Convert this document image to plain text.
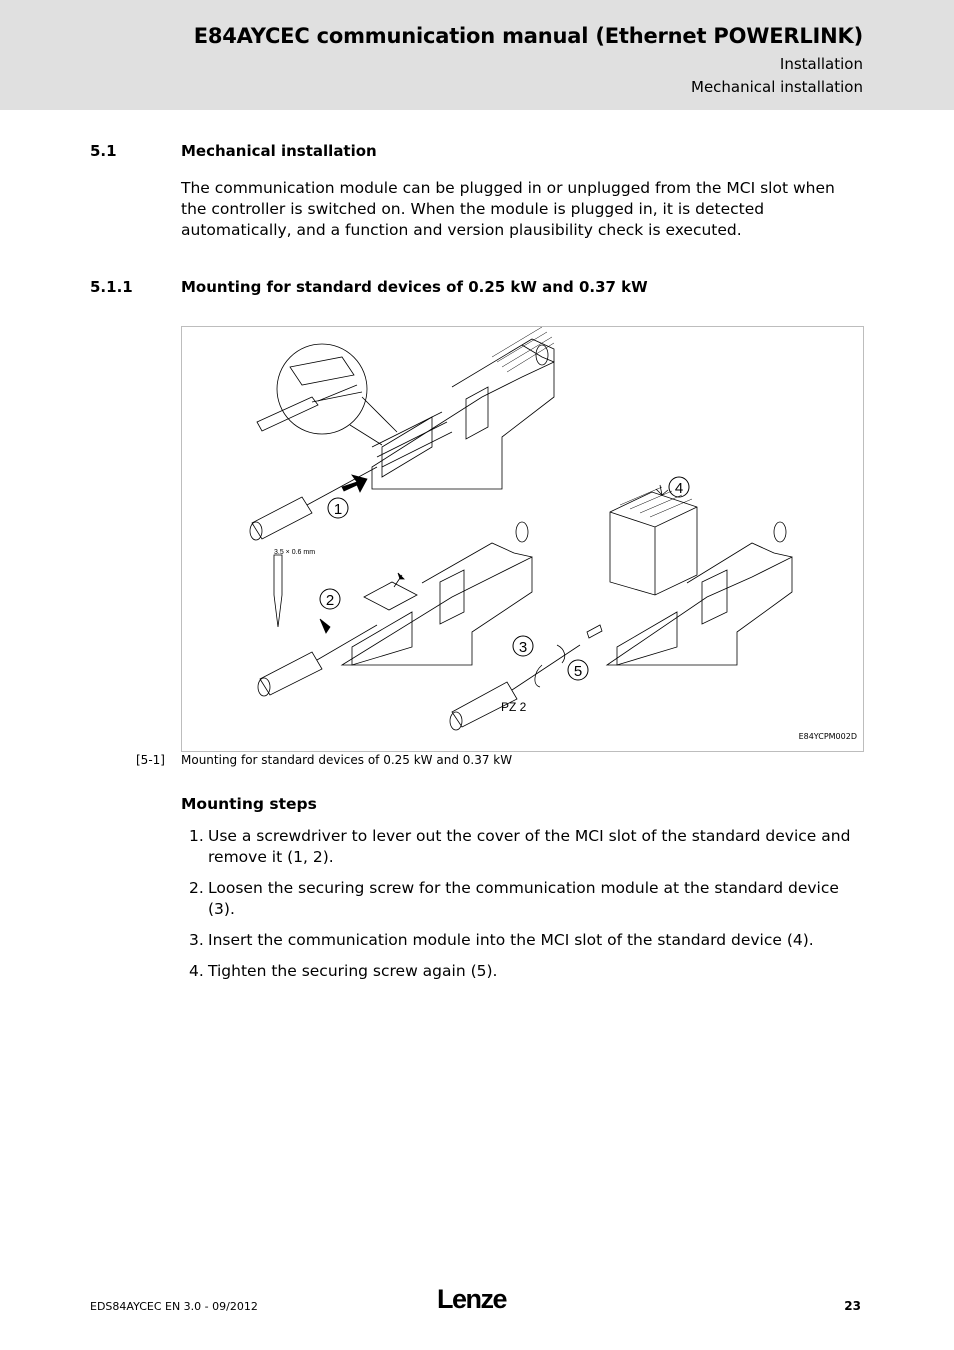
E84AYCEC communication manual (Ethernet POWERLINK)
Installation
Mechanical installation
5.1	Mechanical installation
The communication module can be plugged in or unplugged from the MCI slot when the controller is switched on. When the module is plugged in, it is detected automatically, and a function and version plausibility check is executed.
5.1.1	Mounting for standard devices of 0.25 kW and 0.37 kW
1
2
3
4
5
3.5 × 0.6 mm
PZ 2
E84YCPM002D
[5-1] Mounting for standard devices of 0.25 kW and 0.37 kW
Mounting steps
1. Use a screwdriver to lever out the cover of the MCI slot of the standard device and remove it (1, 2).
2. Loosen the securing screw for the communication module at the standard device (3).
3. Insert the communication module into the MCI slot of the standard device (4).
4. Tighten the securing screw again (5).
EDS84AYCEC EN 3.0 - 09/2012	Lenze	23
